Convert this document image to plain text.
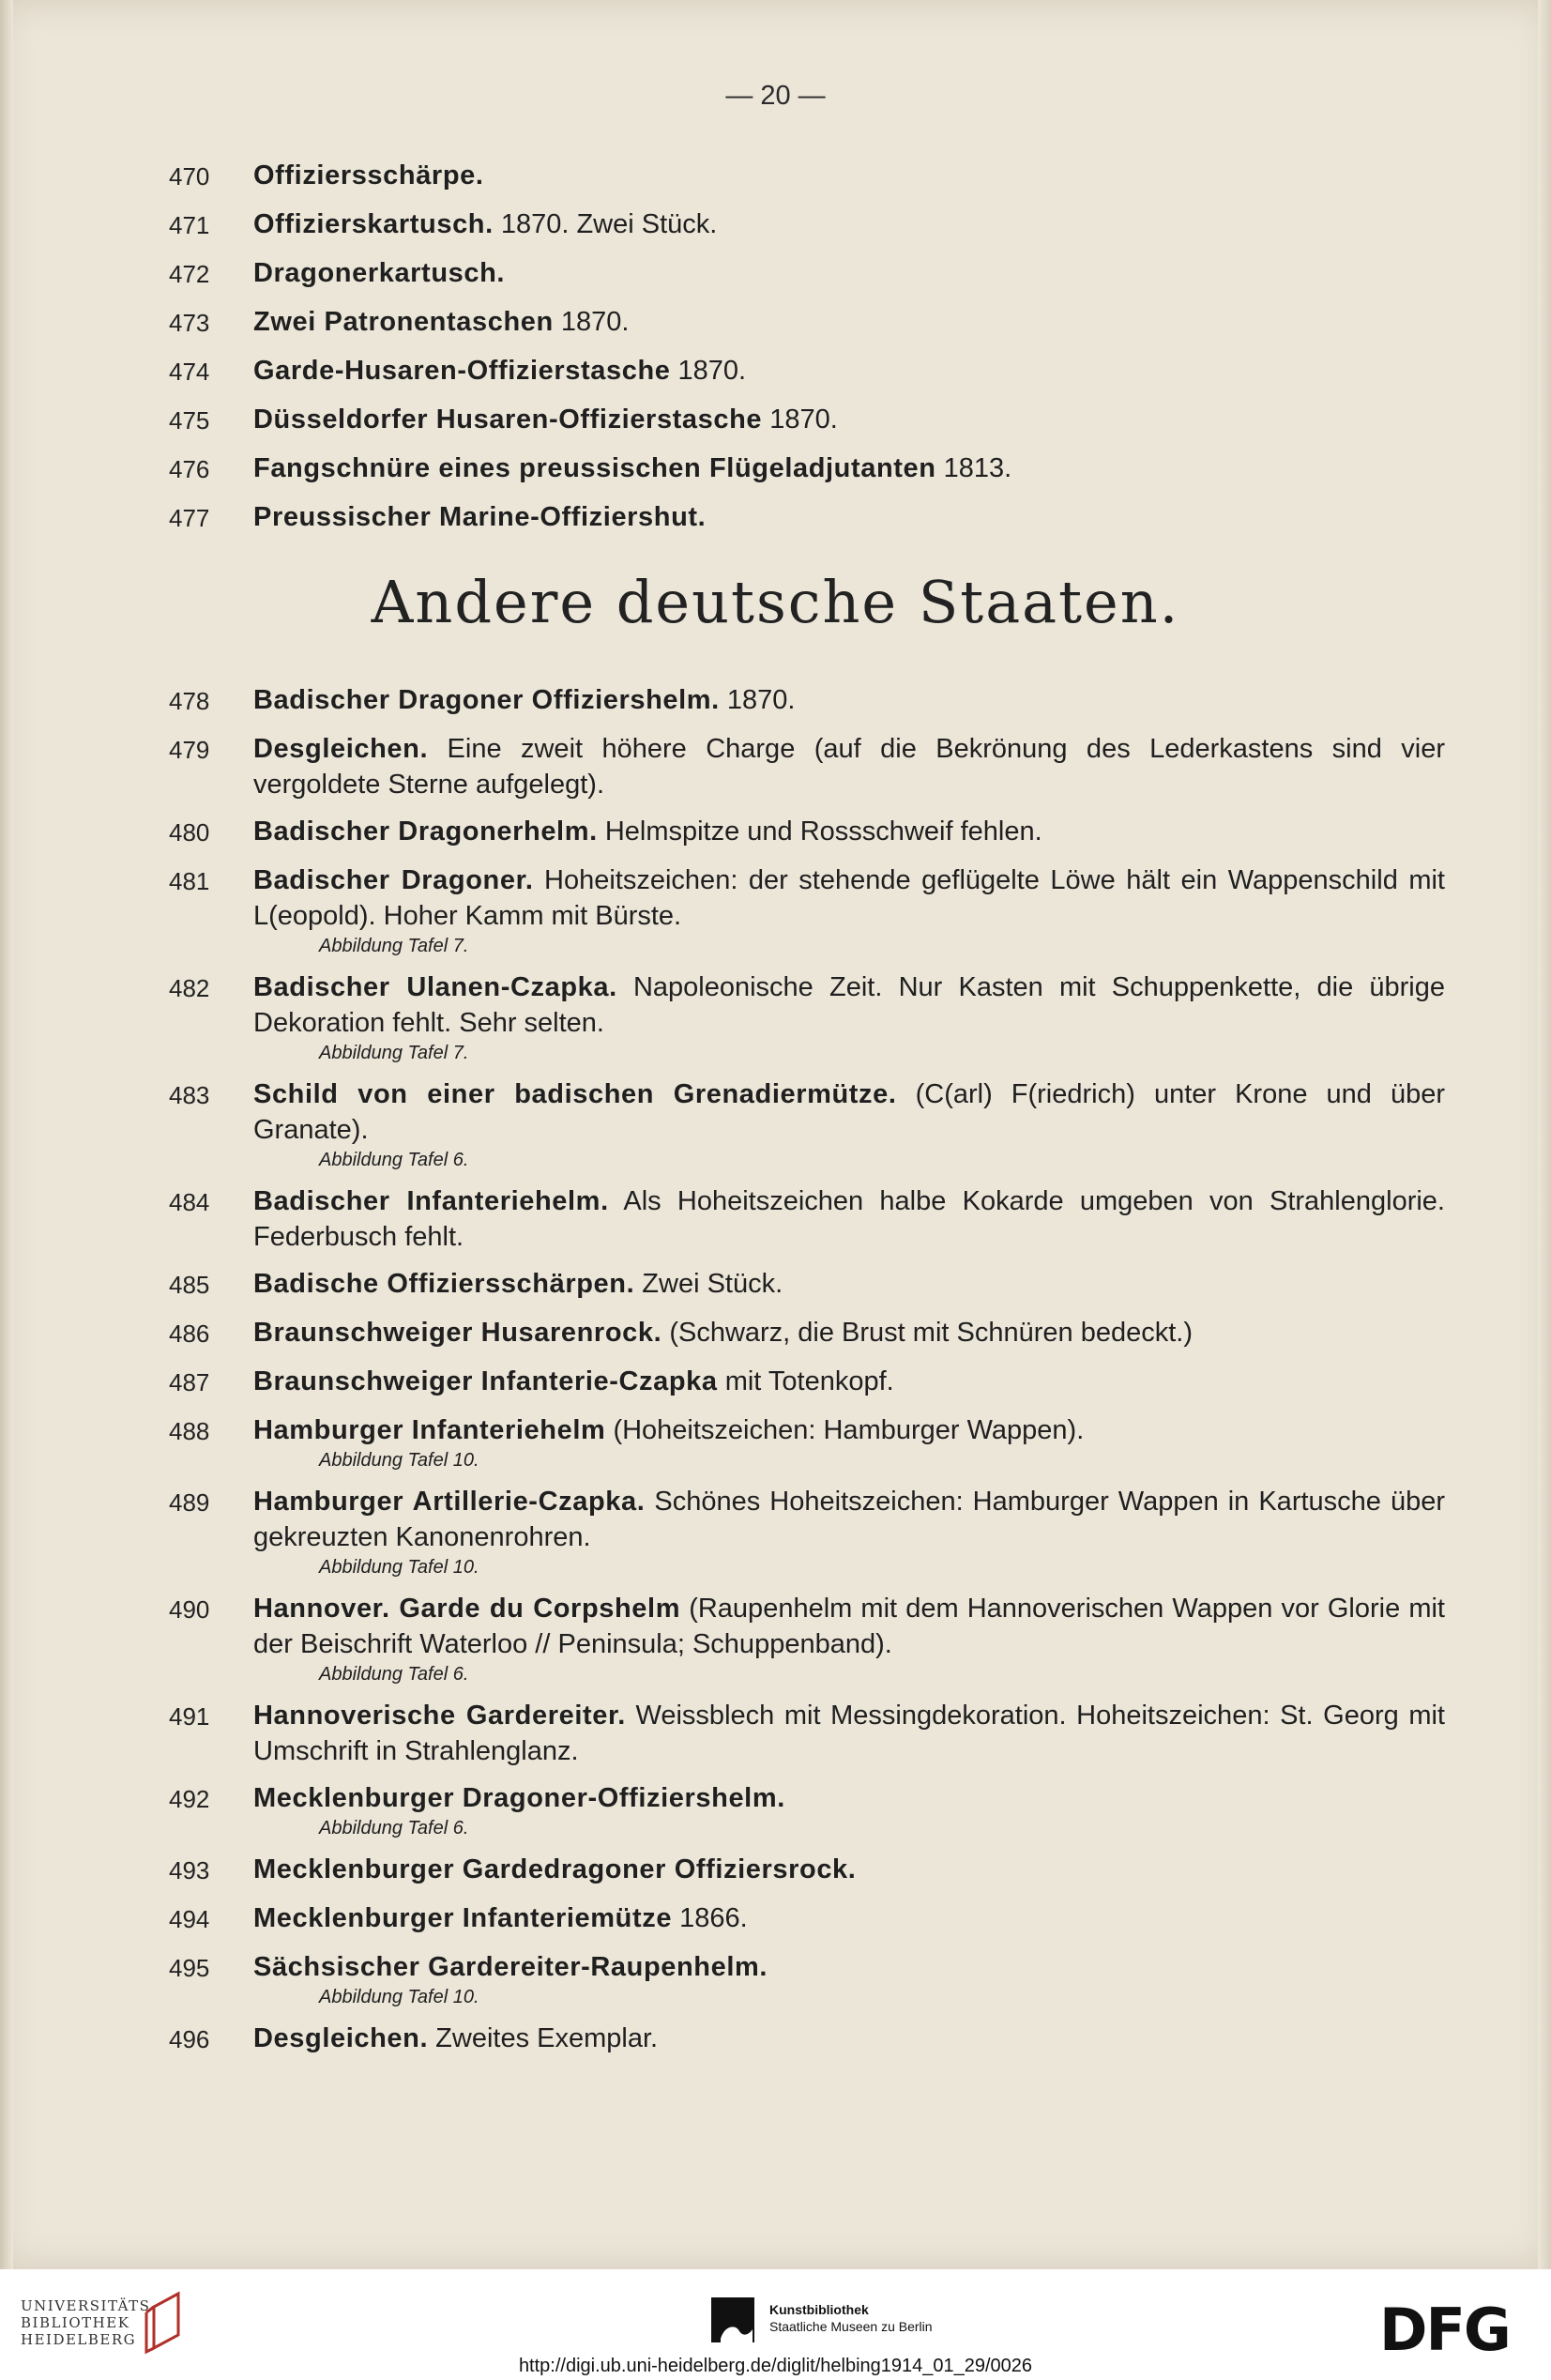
— 20 —
470	Offiziersschärpe.
471	Offizierskartusch. 1870. Zwei Stück.
472	Dragonerkartusch.
473	Zwei Patronentaschen 1870.
474	Garde-Husaren-Offizierstasche 1870.
475	Düsseldorfer Husaren-Offizierstasche 1870.
476	Fangschnüre eines preussischen Flügeladjutanten 1813.
477	Preussischer Marine-Offiziershut.
Andere deutsche Staaten.
478	Badischer Dragoner Offiziershelm. 1870.
479	Desgleichen. Eine zweit höhere Charge (auf die Bekrönung des Lederkastens sind vier vergoldete Sterne aufgelegt).
480	Badischer Dragonerhelm. Helmspitze und Rossschweif fehlen.
481	Badischer Dragoner. Hoheitszeichen: der stehende geflügelte Löwe hält ein Wappenschild mit L(eopold). Hoher Kamm mit Bürste.
Abbildung Tafel 7.
482	Badischer Ulanen-Czapka. Napoleonische Zeit. Nur Kasten mit Schuppenkette, die übrige Dekoration fehlt. Sehr selten.
Abbildung Tafel 7.
483	Schild von einer badischen Grenadiermütze. (C(arl) F(riedrich) unter Krone und über Granate).
Abbildung Tafel 6.
484	Badischer Infanteriehelm. Als Hoheitszeichen halbe Kokarde umgeben von Strahlenglorie. Federbusch fehlt.
485	Badische Offiziersschärpen. Zwei Stück.
486	Braunschweiger Husarenrock. (Schwarz, die Brust mit Schnüren bedeckt.)
487	Braunschweiger Infanterie-Czapka mit Totenkopf.
488	Hamburger Infanteriehelm (Hoheitszeichen: Hamburger Wappen).
Abbildung Tafel 10.
489	Hamburger Artillerie-Czapka. Schönes Hoheitszeichen: Hamburger Wappen in Kartusche über gekreuzten Kanonenrohren.
Abbildung Tafel 10.
490	Hannover. Garde du Corpshelm (Raupenhelm mit dem Hannoverischen Wappen vor Glorie mit der Beischrift Waterloo // Peninsula; Schuppenband).
Abbildung Tafel 6.
491	Hannoverische Gardereiter. Weissblech mit Messingdekoration. Hoheitszeichen: St. Georg mit Umschrift in Strahlenglanz.
492	Mecklenburger Dragoner-Offiziershelm.
Abbildung Tafel 6.
493	Mecklenburger Gardedragoner Offiziersrock.
494	Mecklenburger Infanteriemütze 1866.
495	Sächsischer Gardereiter-Raupenhelm.
Abbildung Tafel 10.
496	Desgleichen. Zweites Exemplar.
UNIVERSITÄTS-
BIBLIOTHEK
HEIDELBERG
Kunstbibliothek
Staatliche Museen zu Berlin	DFG
http://digi.ub.uni-heidelberg.de/diglit/helbing1914_01_29/0026
